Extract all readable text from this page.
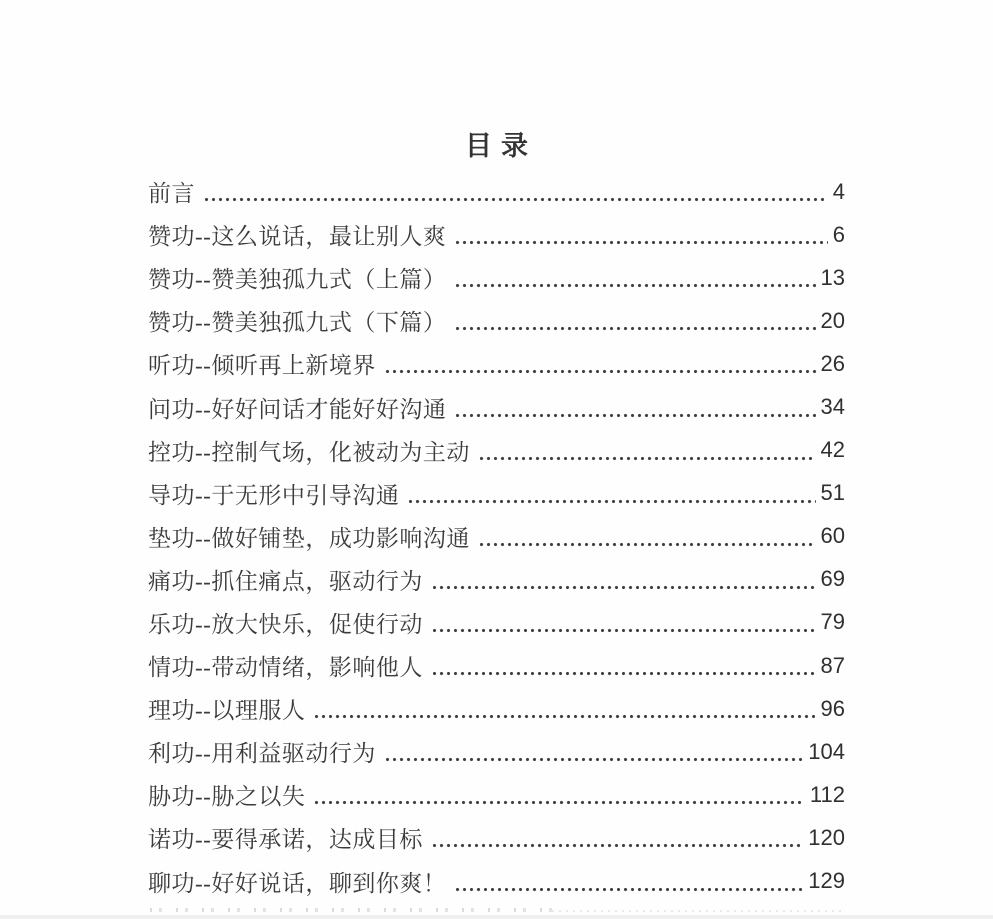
目录
前言	4
赞功--这么说话，最让别人爽	6
赞功--赞美独孤九式（上篇）	13
赞功--赞美独孤九式（下篇）	20
听功--倾听再上新境界	26
问功--好好问话才能好好沟通	34
控功--控制气场，化被动为主动	42
导功--于无形中引导沟通	51
垫功--做好铺垫，成功影响沟通	60
痛功--抓住痛点，驱动行为	69
乐功--放大快乐，促使行动	79
情功--带动情绪，影响他人	87
理功--以理服人	96
利功--用利益驱动行为	104
胁功--胁之以失	112
诺功--要得承诺，达成目标	120
聊功--好好说话，聊到你爽！	129
